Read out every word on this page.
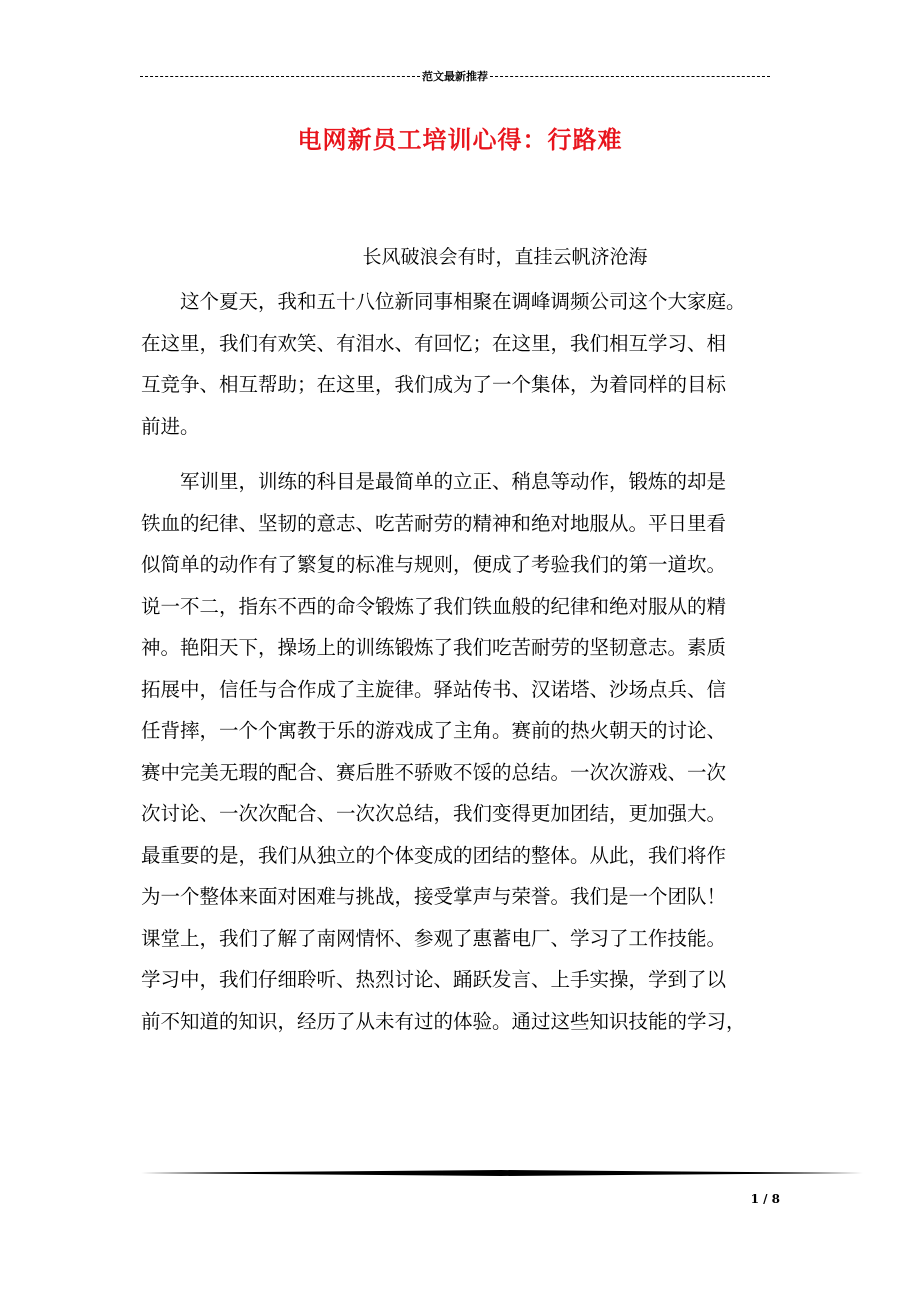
范文最新推荐
电网新员工培训心得：行路难
长风破浪会有时，直挂云帆济沧海
　　这个夏天，我和五十八位新同事相聚在调峰调频公司这个大家庭。
在这里，我们有欢笑、有泪水、有回忆；在这里，我们相互学习、相
互竞争、相互帮助；在这里，我们成为了一个集体，为着同样的目标
前进。
　　军训里，训练的科目是最简单的立正、稍息等动作，锻炼的却是
铁血的纪律、坚韧的意志、吃苦耐劳的精神和绝对地服从。平日里看
似简单的动作有了繁复的标准与规则，便成了考验我们的第一道坎。
说一不二，指东不西的命令锻炼了我们铁血般的纪律和绝对服从的精
神。艳阳天下，操场上的训练锻炼了我们吃苦耐劳的坚韧意志。素质
拓展中，信任与合作成了主旋律。驿站传书、汉诺塔、沙场点兵、信
任背摔，一个个寓教于乐的游戏成了主角。赛前的热火朝天的讨论、
赛中完美无瑕的配合、赛后胜不骄败不馁的总结。一次次游戏、一次
次讨论、一次次配合、一次次总结，我们变得更加团结，更加强大。
最重要的是，我们从独立的个体变成的团结的整体。从此，我们将作
为一个整体来面对困难与挑战，接受掌声与荣誉。我们是一个团队！
课堂上，我们了解了南网情怀、参观了惠蓄电厂、学习了工作技能。
学习中，我们仔细聆听、热烈讨论、踊跃发言、上手实操，学到了以
前不知道的知识，经历了从未有过的体验。通过这些知识技能的学习，
1 / 8
